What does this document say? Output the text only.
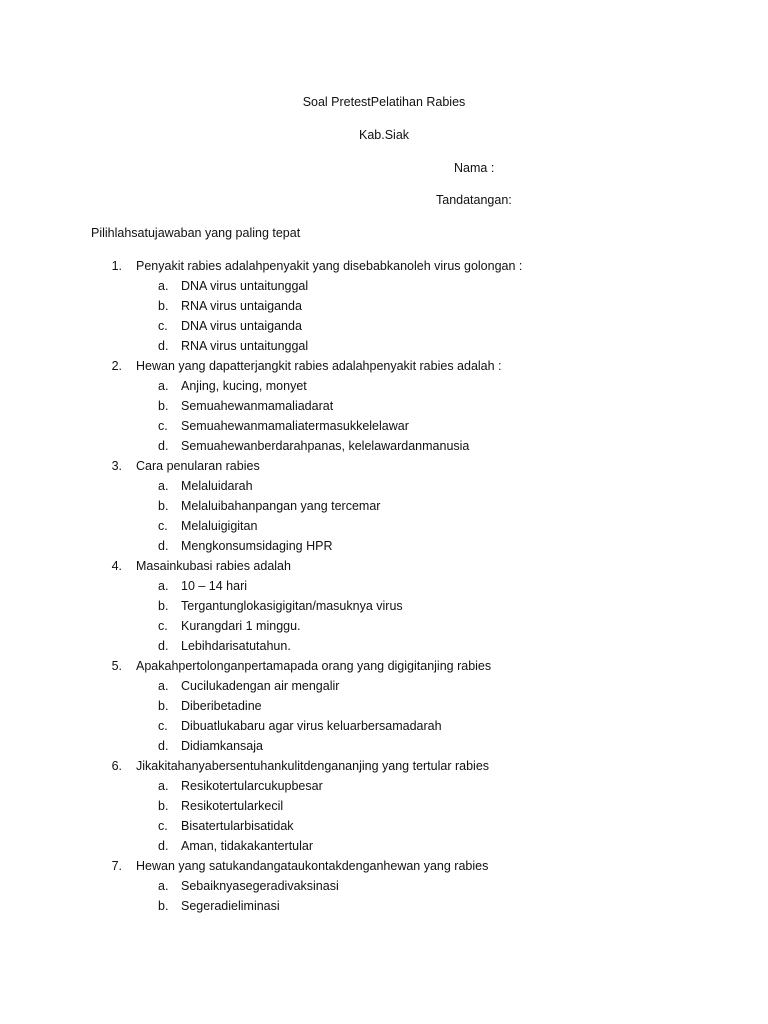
Soal PretestPelatihan Rabies
Kab.Siak
Nama :
Tandatangan:
Pilihlahsatujawaban yang paling tepat
1. Penyakit rabies adalahpenyakit yang disebabkanoleh virus golongan :
a. DNA virus untaitunggal
b. RNA virus untaiganda
c. DNA virus untaiganda
d. RNA virus untaitunggal
2. Hewan yang dapatterjangkit rabies adalahpenyakit rabies adalah :
a. Anjing, kucing, monyet
b. Semuahewanmamaliadarat
c. Semuahewanmamaliatermasukkelelawar
d. Semuahewanberdarahpanas, kelelawardanmanusia
3. Cara penularan rabies
a. Melaluidarah
b. Melaluibahanpangan yang tercemar
c. Melaluigigitan
d. Mengkonsumsidaging HPR
4. Masainkubasi rabies adalah
a. 10 – 14 hari
b. Tergantunglokasigigitan/masuknya virus
c. Kurangdari 1 minggu.
d. Lebihdarisatutahun.
5. Apakahpertolonganpertamapada orang yang digigitanjing rabies
a. Cucilukadengan air mengalir
b. Diberibetadine
c. Dibuatlukabaru agar virus keluarbersamadarah
d. Didiamkansaja
6. Jikakitahanyabersentuhankulitdengananjing yang tertular rabies
a. Resikotertularcukupbesar
b. Resikotertularkecil
c. Bisatertularbisatidak
d. Aman, tidakakantertular
7. Hewan yang satukandangataukontakdenganhewan yang rabies
a. Sebaiknyasegeradivaksinasi
b. Segeradieliminasi
